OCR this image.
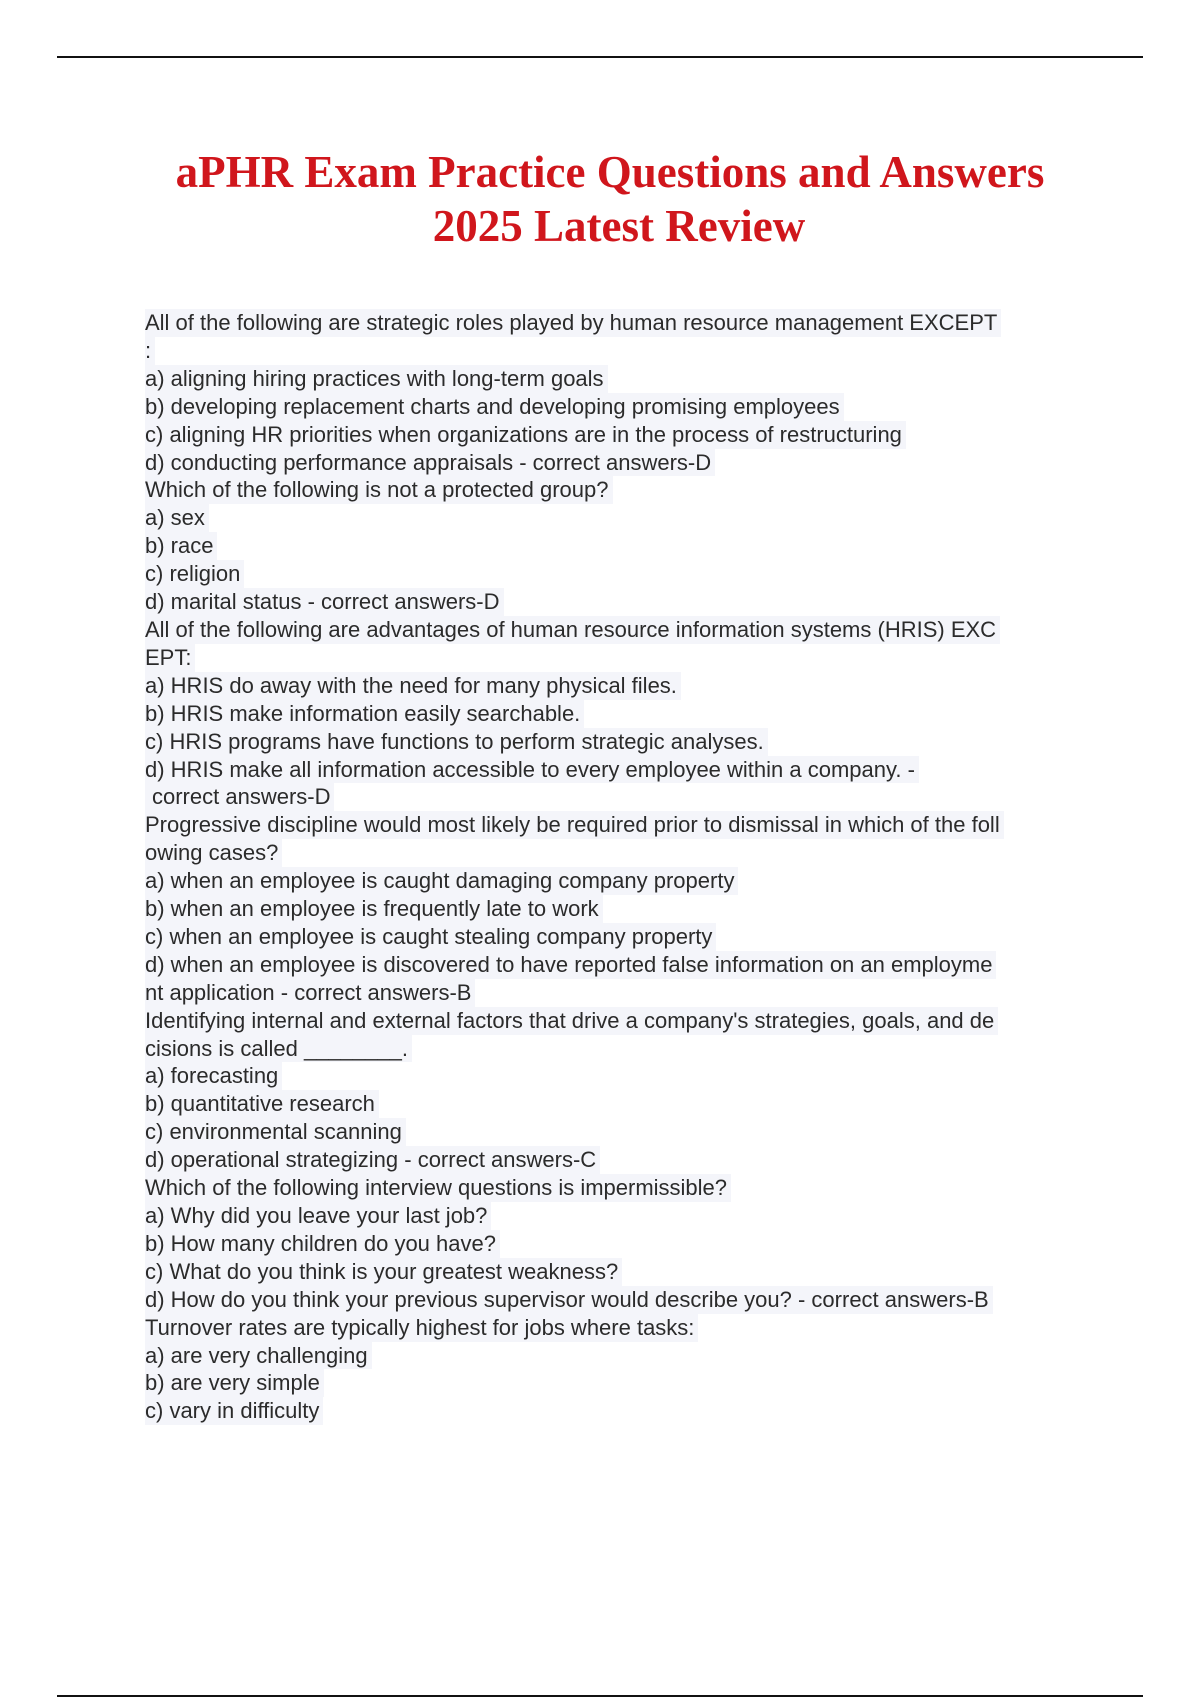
aPHR Exam Practice Questions and Answers
2025 Latest Review
All of the following are strategic roles played by human resource management EXCEPT
:
a) aligning hiring practices with long-term goals
b) developing replacement charts and developing promising employees
c) aligning HR priorities when organizations are in the process of restructuring
d) conducting performance appraisals - correct answers-D
Which of the following is not a protected group?
a) sex
b) race
c) religion
d) marital status - correct answers-D
All of the following are advantages of human resource information systems (HRIS) EXC
EPT:
a) HRIS do away with the need for many physical files.
b) HRIS make information easily searchable.
c) HRIS programs have functions to perform strategic analyses.
d) HRIS make all information accessible to every employee within a company. -
correct answers-D
Progressive discipline would most likely be required prior to dismissal in which of the foll
owing cases?
a) when an employee is caught damaging company property
b) when an employee is frequently late to work
c) when an employee is caught stealing company property
d) when an employee is discovered to have reported false information on an employme
nt application - correct answers-B
Identifying internal and external factors that drive a company's strategies, goals, and de
cisions is called ________.
a) forecasting
b) quantitative research
c) environmental scanning
d) operational strategizing - correct answers-C
Which of the following interview questions is impermissible?
a) Why did you leave your last job?
b) How many children do you have?
c) What do you think is your greatest weakness?
d) How do you think your previous supervisor would describe you? - correct answers-B
Turnover rates are typically highest for jobs where tasks:
a) are very challenging
b) are very simple
c) vary in difficulty
